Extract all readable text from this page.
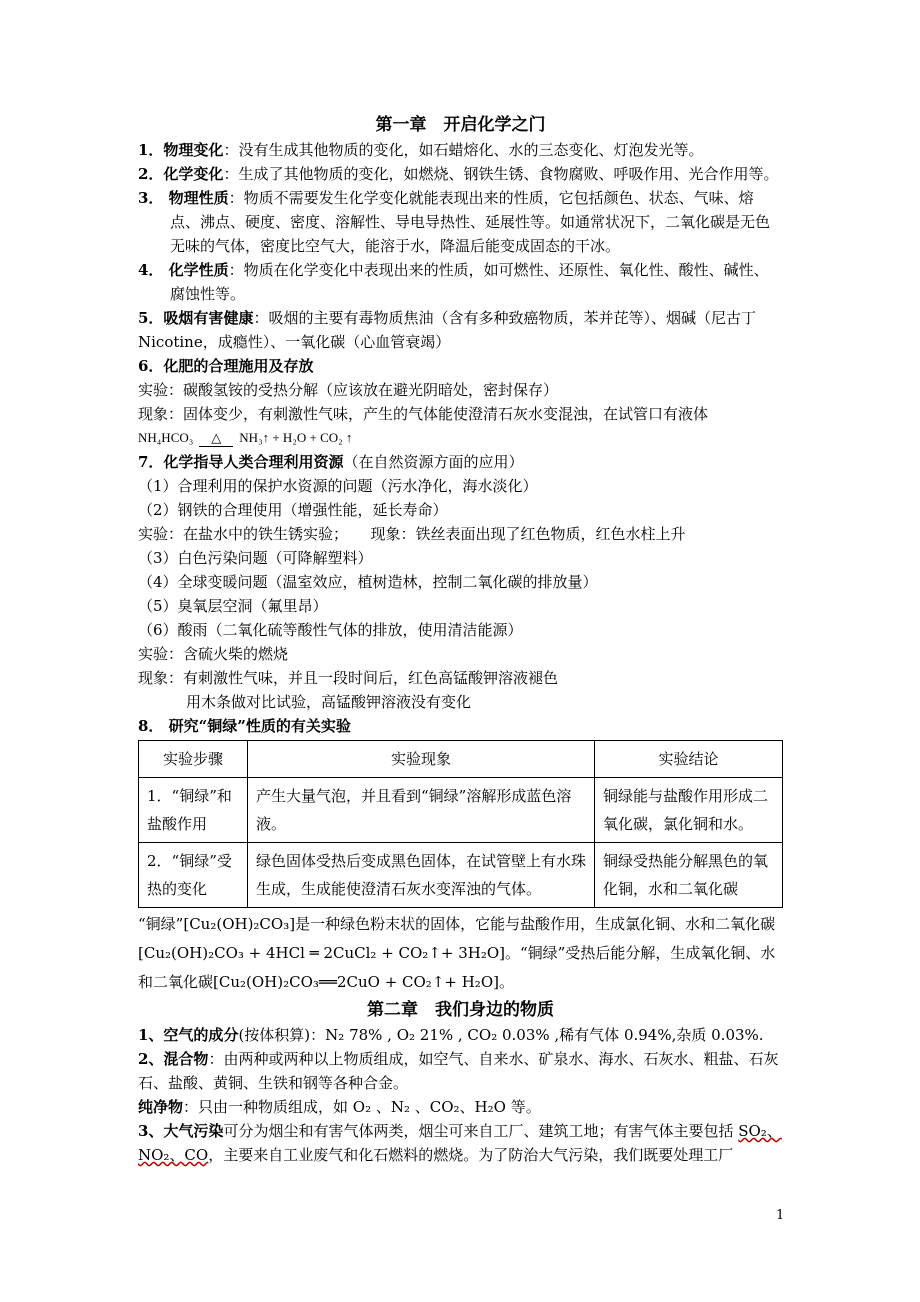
第一章　开启化学之门

1．物理变化：没有生成其他物质的变化，如石蜡熔化、水的三态变化、灯泡发光等。

2．化学变化：生成了其他物质的变化，如燃烧、钢铁生锈、食物腐败、呼吸作用、光合作用等。

3． 物理性质：物质不需要发生化学变化就能表现出来的性质，它包括颜色、状态、气味、熔点、沸点、硬度、密度、溶解性、导电导热性、延展性等。如通常状况下，二氧化碳是无色无味的气体，密度比空气大，能溶于水，降温后能变成固态的干冰。

4． 化学性质：物质在化学变化中表现出来的性质，如可燃性、还原性、氧化性、酸性、碱性、腐蚀性等。

5．吸烟有害健康：吸烟的主要有毒物质焦油（含有多种致癌物质，苯并芘等）、烟碱（尼古丁 Nicotine，成瘾性）、一氧化碳（心血管衰竭）

6．化肥的合理施用及存放

实验：碳酸氢铵的受热分解（应该放在避光阴暗处，密封保存）

现象：固体变少，有刺激性气味，产生的气体能使澄清石灰水变混浊，在试管口有液体

NH₄HCO₃ △ NH₃↑ + H₂O + CO₂ ↑

7．化学指导人类合理利用资源（在自然资源方面的应用）

（1）合理利用的保护水资源的问题（污水净化，海水淡化）

（2）钢铁的合理使用（增强性能，延长寿命）

实验：在盐水中的铁生锈实验；　　现象：铁丝表面出现了红色物质，红色水柱上升

（3）白色污染问题（可降解塑料）

（4）全球变暖问题（温室效应，植树造林，控制二氧化碳的排放量）

（5）臭氧层空洞（氟里昂）

（6）酸雨（二氧化硫等酸性气体的排放，使用清洁能源）

实验：含硫火柴的燃烧

现象：有刺激性气味，并且一段时间后，红色高锰酸钾溶液褪色

用木条做对比试验，高锰酸钾溶液没有变化

8． 研究“铜绿”性质的有关实验

实验步骤	实验现象	实验结论
1．“铜绿”和盐酸作用	产生大量气泡，并且看到“铜绿”溶解形成蓝色溶液。	铜绿能与盐酸作用形成二氧化碳，氯化铜和水。
2．“铜绿”受热的变化	绿色固体受热后变成黑色固体，在试管壁上有水珠生成，生成能使澄清石灰水变浑浊的气体。	铜绿受热能分解黑色的氧化铜，水和二氧化碳

“铜绿”[Cu₂(OH)₂CO₃]是一种绿色粉末状的固体，它能与盐酸作用，生成氯化铜、水和二氧化碳[Cu₂(OH)₂CO₃ + 4HCl ═ 2CuCl₂ + CO₂↑+ 3H₂O]。“铜绿”受热后能分解，生成氧化铜、水和二氧化碳[Cu₂(OH)₂CO₃══2CuO + CO₂↑+ H₂O]。

第二章　我们身边的物质

1、空气的成分(按体积算)：N₂ 78% , O₂ 21% , CO₂ 0.03% ,稀有气体 0.94%,杂质 0.03%.

2、混合物：由两种或两种以上物质组成，如空气、自来水、矿泉水、海水、石灰水、粗盐、石灰石、盐酸、黄铜、生铁和钢等各种合金。

纯净物：只由一种物质组成，如 O₂ 、N₂ 、CO₂、H₂O 等。

3、大气污染可分为烟尘和有害气体两类，烟尘可来自工厂、建筑工地；有害气体主要包括 SO₂、NO₂、CO，主要来自工业废气和化石燃料的燃烧。为了防治大气污染，我们既要处理工厂

1
